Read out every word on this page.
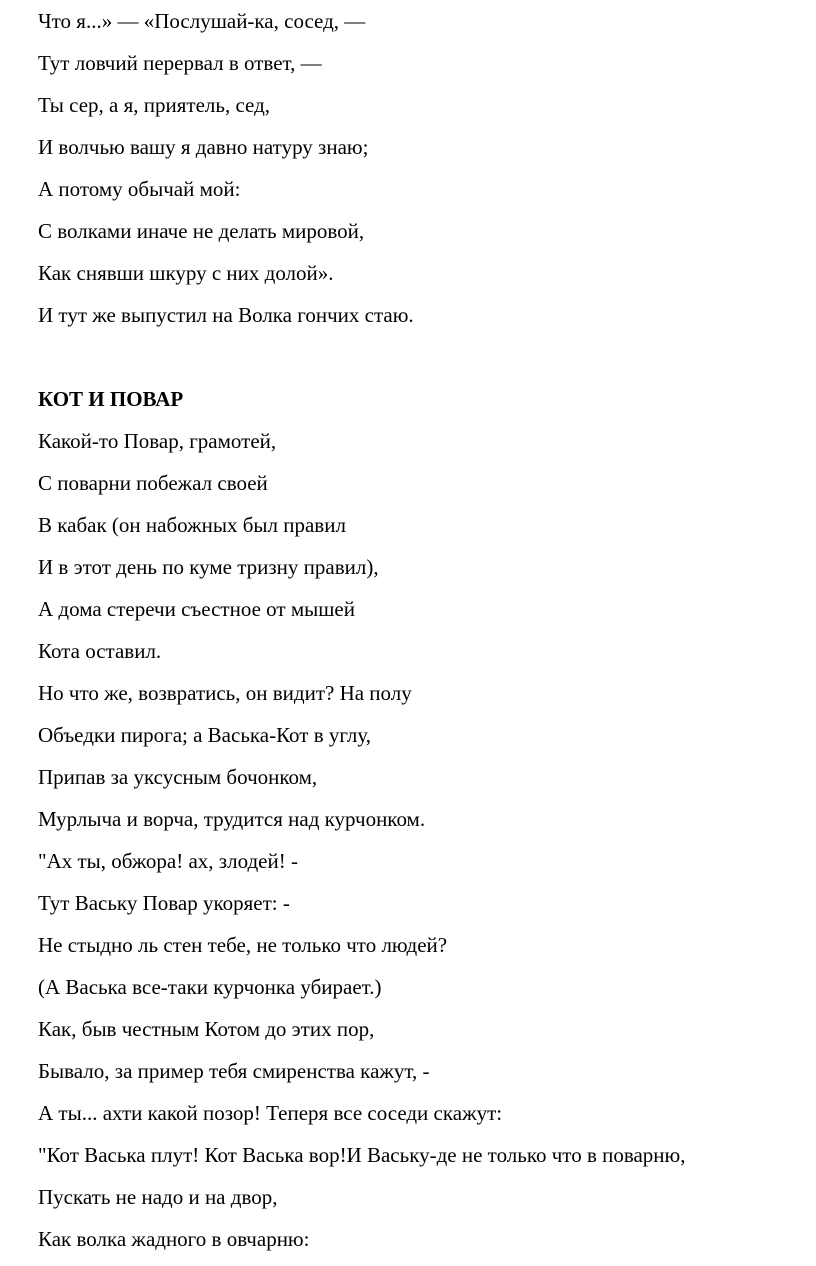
Что я...» — «Послушай-ка, сосед, —
Тут ловчий перервал в ответ, —
Ты сер, а я, приятель, сед,
И волчью вашу я давно натуру знаю;
А потому обычай мой:
С волками иначе не делать мировой,
Как снявши шкуру с них долой».
И тут же выпустил на Волка гончих стаю.
КОТ И ПОВАР
Какой-то Повар, грамотей,
С поварни побежал своей
В кабак (он набожных был правил
И в этот день по куме тризну правил),
А дома стеречи съестное от мышей
Кота оставил.
Но что же, возвратись, он видит? На полу
Объедки пирога; а Васька-Кот в углу,
Припав за уксусным бочонком,
Мурлыча и ворча, трудится над курчонком.
"Ах ты, обжора! ах, злодей! -
Тут Ваську Повар укоряет: -
Не стыдно ль стен тебе, не только что людей?
(А Васька все-таки курчонка убирает.)
Как, быв честным Котом до этих пор,
Бывало, за пример тебя смиренства кажут, -
А ты... ахти какой позор! Теперя все соседи скажут:
"Кот Васька плут! Кот Васька вор!И Ваську-де не только что в поварню,
Пускать не надо и на двор,
Как волка жадного в овчарню:
